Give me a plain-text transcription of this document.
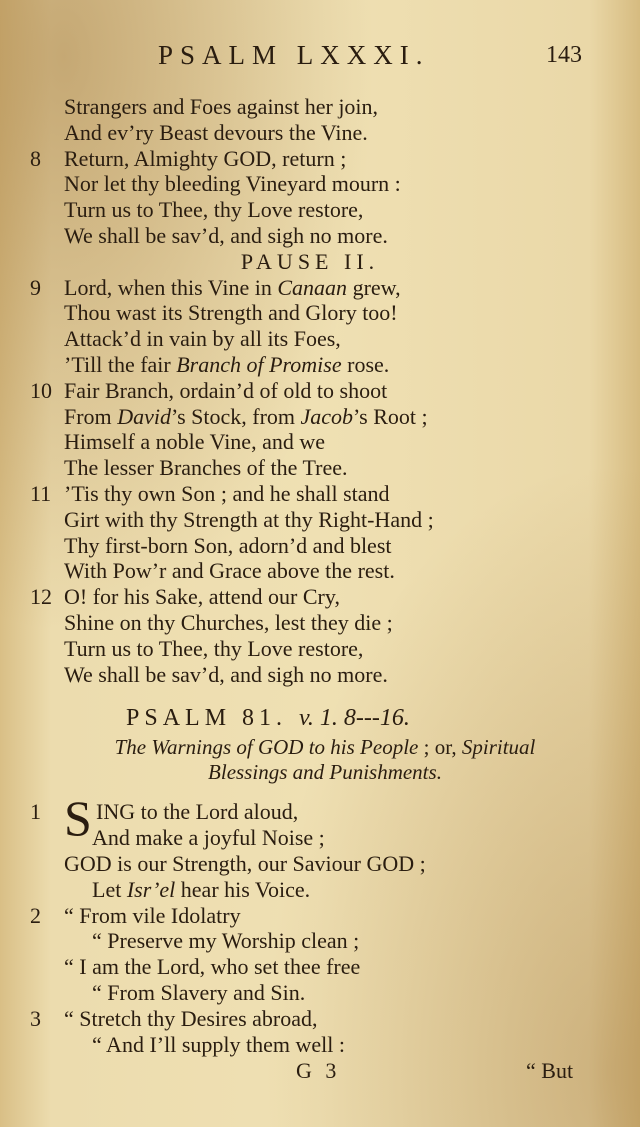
PSALM LXXXI.	143
Strangers and Foes against her join,
And ev’ry Beast devours the Vine.
8	Return, Almighty GOD, return ;
Nor let thy bleeding Vineyard mourn :
Turn us to Thee, thy Love restore,
We shall be sav’d, and sigh no more.
PAUSE II.
9	Lord, when this Vine in Canaan grew,
Thou wast its Strength and Glory too!
Attack’d in vain by all its Foes,
’Till the fair Branch of Promise rose.
10 Fair Branch, ordain’d of old to shoot
From David’s Stock, from Jacob’s Root ;
Himself a noble Vine, and we
The lesser Branches of the Tree.
11 ’Tis thy own Son ; and he shall stand
Girt with thy Strength at thy Right-Hand ;
Thy first-born Son, adorn’d and blest
With Pow’r and Grace above the rest.
12 O! for his Sake, attend our Cry,
Shine on thy Churches, lest they die ;
Turn us to Thee, thy Love restore,
We shall be sav’d, and sigh no more.
PSALM 81. v. 1. 8---16.
The Warnings of GOD to his People ; or, Spiritual
Blessings and Punishments.
1 S ING to the Lord aloud,
And make a joyful Noise ;
GOD is our Strength, our Saviour GOD ;
Let Isr’el hear his Voice.
2	“ From vile Idolatry
“ Preserve my Worship clean ;
“ I am the Lord, who set thee free
“ From Slavery and Sin.
3	“ Stretch thy Desires abroad,
“ And I’ll supply them well :
G 3	“ But
